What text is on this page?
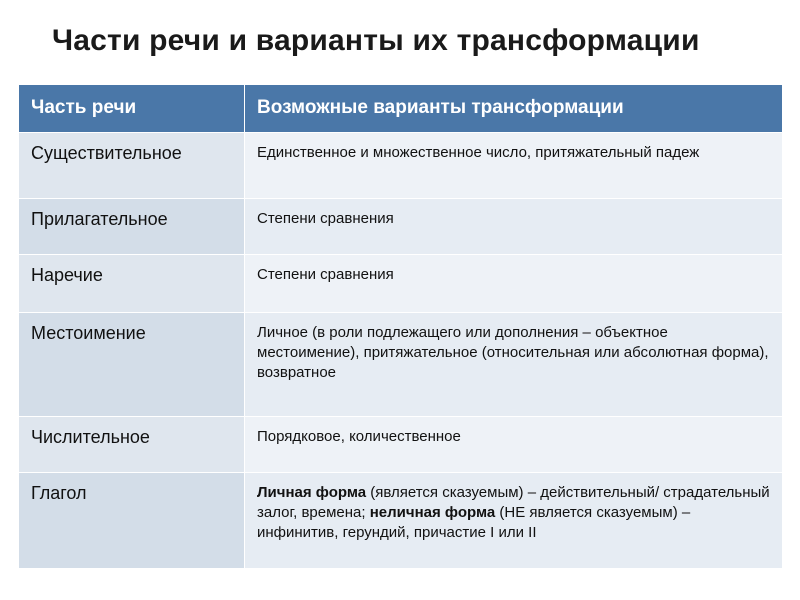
Части речи и варианты их трансформации
Часть речи	Возможные варианты трансформации
Существительное	Единственное и множественное число, притяжательный падеж
Прилагательное	Степени сравнения
Наречие	Степени сравнения
Местоимение	Личное (в роли подлежащего или дополнения – объектное местоимение), притяжательное (относительная или абсолютная форма), возвратное
Числительное	Порядковое, количественное
Глагол	Личная форма (является сказуемым) – действительный/ страдательный залог, времена; неличная форма (НЕ является сказуемым) – инфинитив, герундий, причастие I или II
